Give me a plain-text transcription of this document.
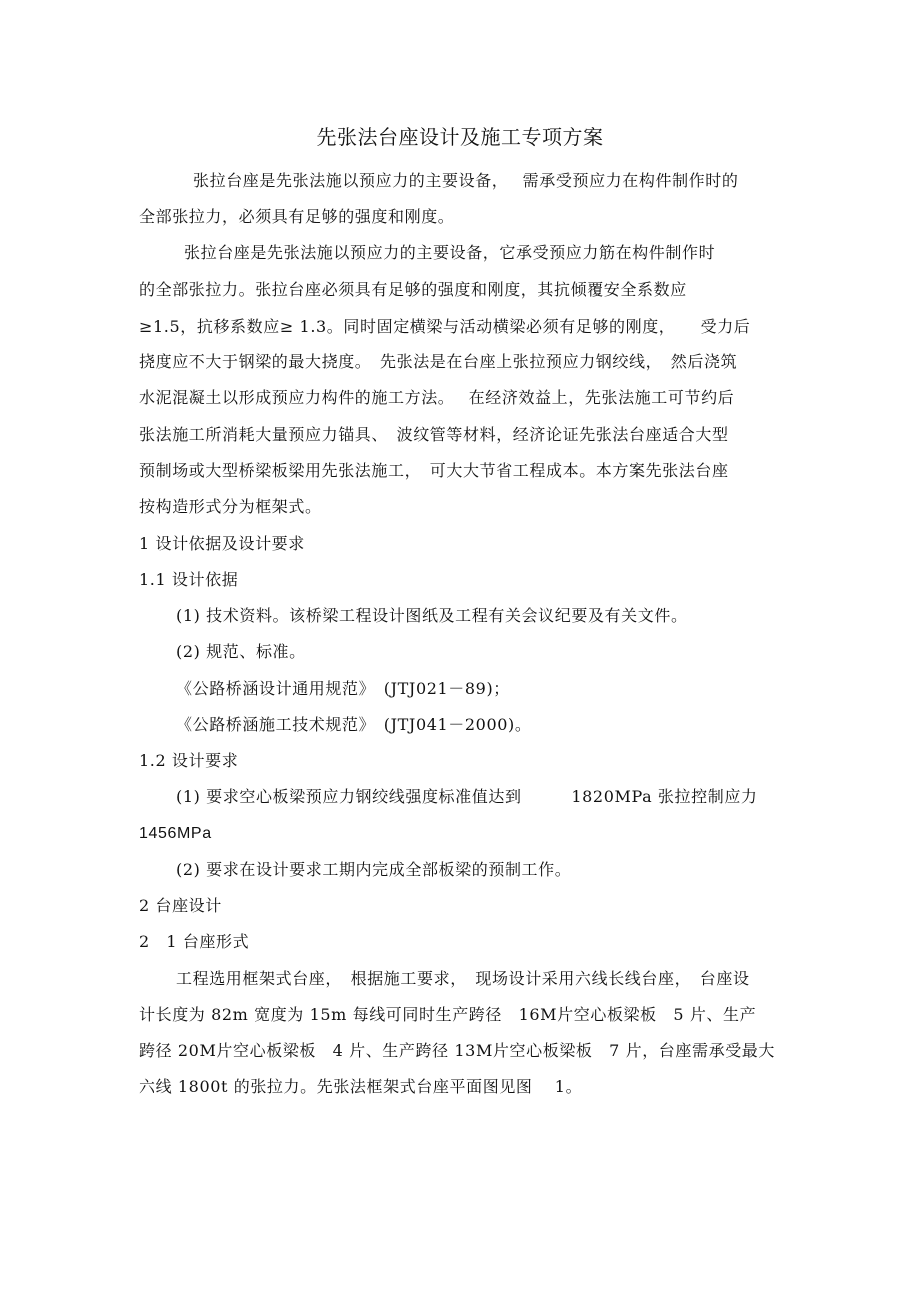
先张法台座设计及施工专项方案
张拉台座是先张法施以预应力的主要设备，　 需承受预应力在构件制作时的
全部张拉力，必须具有足够的强度和刚度。
张拉台座是先张法施以预应力的主要设备，它承受预应力筋在构件制作时
的全部张拉力。张拉台座必须具有足够的强度和刚度，其抗倾覆安全系数应
≥1.5，抗移系数应≥ 1.3。同时固定横梁与活动横梁必须有足够的刚度，　　受力后
挠度应不大于钢梁的最大挠度。　先张法是在台座上张拉预应力钢绞线，　然后浇筑
水泥混凝土以形成预应力构件的施工方法。　 在经济效益上，先张法施工可节约后
张法施工所消耗大量预应力锚具、　波纹管等材料，经济论证先张法台座适合大型
预制场或大型桥梁板梁用先张法施工，　可大大节省工程成本。本方案先张法台座
按构造形式分为框架式。
1 设计依据及设计要求
1.1 设计依据
(1) 技术资料。该桥梁工程设计图纸及工程有关会议纪要及有关文件。
(2) 规范、标准。
《公路桥涵设计通用规范》　(JTJ021－89)；
《公路桥涵施工技术规范》　(JTJ041－2000)。
1.2 设计要求
(1) 要求空心板梁预应力钢绞线强度标准值达到　　　1820MPa 张拉控制应力
1456MPa
(2) 要求在设计要求工期内完成全部板梁的预制工作。
2 台座设计
2　1 台座形式
工程选用框架式台座，　根据施工要求，　现场设计采用六线长线台座，　台座设
计长度为 82m 宽度为 15m 每线可同时生产跨径　16M片空心板梁板　5 片、生产
跨径 20M片空心板梁板　4 片、生产跨径 13M片空心板梁板　7 片，台座需承受最大
六线 1800t 的张拉力。先张法框架式台座平面图见图　 1。
